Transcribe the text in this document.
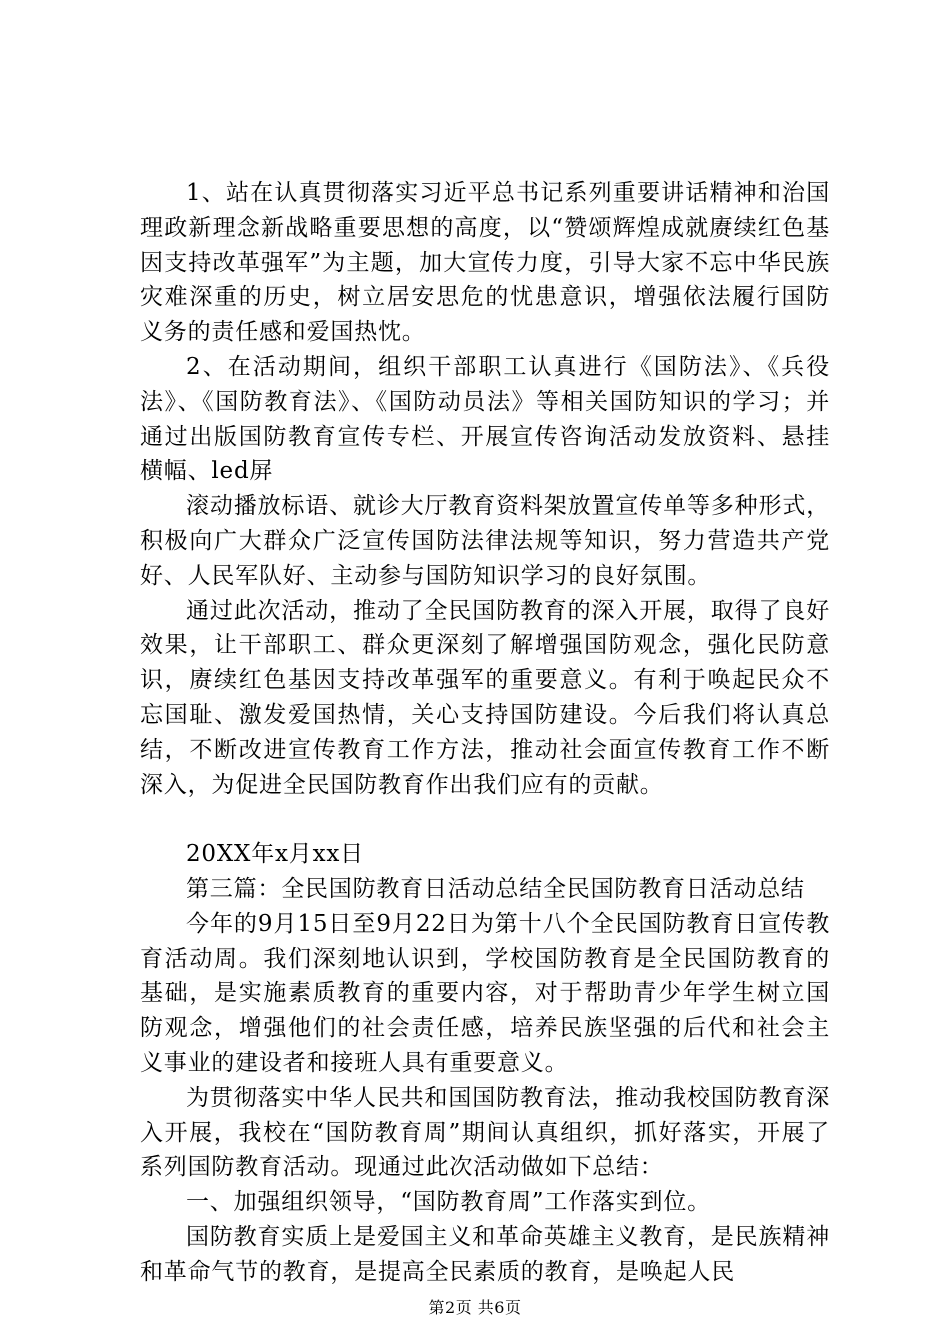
1、站在认真贯彻落实习近平总书记系列重要讲话精神和治国理政新理念新战略重要思想的高度，以“赞颂辉煌成就赓续红色基因支持改革强军”为主题，加大宣传力度，引导大家不忘中华民族灾难深重的历史，树立居安思危的忧患意识，增强依法履行国防义务的责任感和爱国热忱。

2、在活动期间，组织干部职工认真进行《国防法》、《兵役法》、《国防教育法》、《国防动员法》等相关国防知识的学习；并通过出版国防教育宣传专栏、开展宣传咨询活动发放资料、悬挂横幅、led屏

滚动播放标语、就诊大厅教育资料架放置宣传单等多种形式，积极向广大群众广泛宣传国防法律法规等知识，努力营造共产党好、人民军队好、主动参与国防知识学习的良好氛围。

通过此次活动，推动了全民国防教育的深入开展，取得了良好效果，让干部职工、群众更深刻了解增强国防观念，强化民防意识，赓续红色基因支持改革强军的重要意义。有利于唤起民众不忘国耻、激发爱国热情，关心支持国防建设。今后我们将认真总结，不断改进宣传教育工作方法，推动社会面宣传教育工作不断深入，为促进全民国防教育作出我们应有的贡献。

20XX年x月xx日

第三篇：全民国防教育日活动总结全民国防教育日活动总结

今年的9月15日至9月22日为第十八个全民国防教育日宣传教育活动周。我们深刻地认识到，学校国防教育是全民国防教育的基础，是实施素质教育的重要内容，对于帮助青少年学生树立国防观念，增强他们的社会责任感，培养民族坚强的后代和社会主义事业的建设者和接班人具有重要意义。

为贯彻落实中华人民共和国国防教育法，推动我校国防教育深入开展，我校在“国防教育周”期间认真组织，抓好落实，开展了系列国防教育活动。现通过此次活动做如下总结：

一、加强组织领导，“国防教育周”工作落实到位。

国防教育实质上是爱国主义和革命英雄主义教育，是民族精神和革命气节的教育，是提高全民素质的教育，是唤起人民

第2页 共6页
